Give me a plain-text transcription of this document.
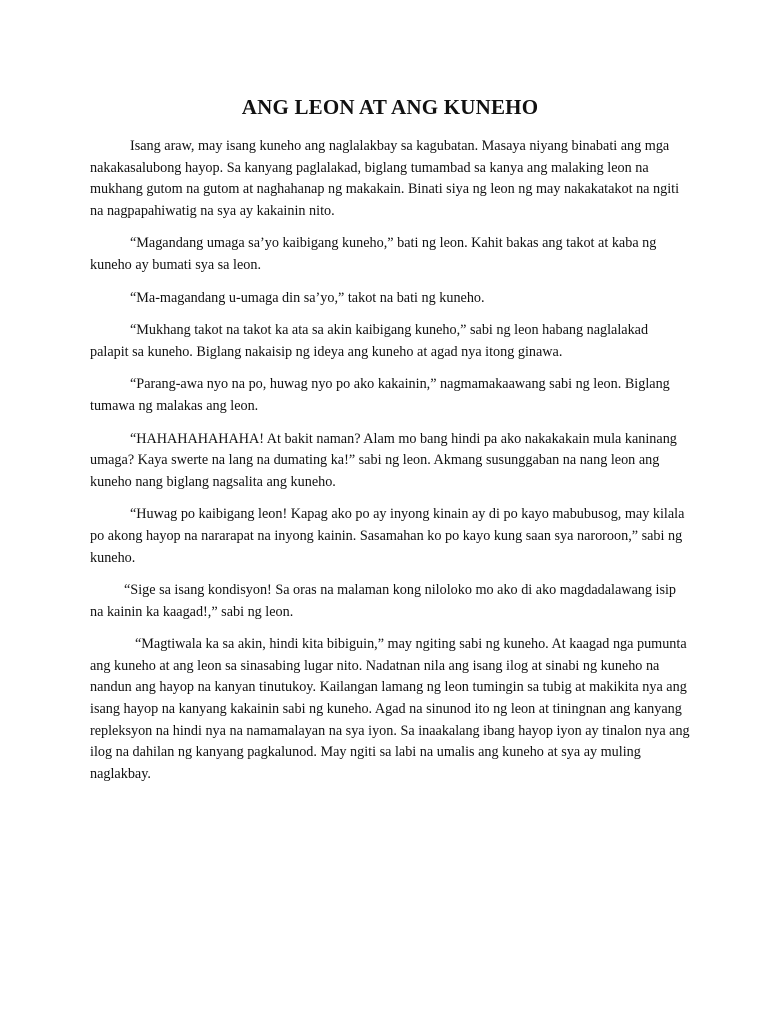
ANG LEON AT ANG KUNEHO

Isang araw, may isang kuneho ang naglalakbay sa kagubatan. Masaya niyang binabati ang mga nakakasalubong hayop. Sa kanyang paglalakad, biglang tumambad sa kanya ang malaking leon na mukhang gutom na gutom at naghahanap ng makakain. Binati siya ng leon ng may nakakatakot na ngiti na nagpapahiwatig na sya ay kakainin nito.

“Magandang umaga sa’yo kaibigang kuneho,” bati ng leon. Kahit bakas ang takot at kaba ng kuneho ay bumati sya sa leon.

“Ma-magandang u-umaga din sa’yo,” takot na bati ng kuneho.

“Mukhang takot na takot ka ata sa akin kaibigang kuneho,” sabi ng leon habang naglalakad palapit sa kuneho. Biglang nakaisip ng ideya ang kuneho at agad nya itong ginawa.

“Parang-awa nyo na po, huwag nyo po ako kakainin,” nagmamakaawang sabi ng leon. Biglang tumawa ng malakas ang leon.

“HAHAHAHAHAHA! At bakit naman? Alam mo bang hindi pa ako nakakakain mula kaninang umaga? Kaya swerte na lang na dumating ka!” sabi ng leon. Akmang susunggaban na nang leon ang kuneho nang biglang nagsalita ang kuneho.

“Huwag po kaibigang leon! Kapag ako po ay inyong kinain ay di po kayo mabubusog, may kilala po akong hayop na nararapat na inyong kainin. Sasamahan ko po kayo kung saan sya naroroon,” sabi ng kuneho.

“Sige sa isang kondisyon! Sa oras na malaman kong niloloko mo ako di ako magdadalawang isip na kainin ka kaagad!,” sabi ng leon.

“Magtiwala ka sa akin, hindi kita bibiguin,” may ngiting sabi ng kuneho. At kaagad nga pumunta ang kuneho at ang leon sa sinasabing lugar nito. Nadatnan nila ang isang ilog at sinabi ng kuneho na nandun ang hayop na kanyan tinutukoy. Kailangan lamang ng leon tumingin sa tubig at makikita nya ang isang hayop na kanyang kakainin sabi ng kuneho. Agad na sinunod ito ng leon at tiningnan ang kanyang repleksyon na hindi nya na namamalayan na sya iyon. Sa inaakalang ibang hayop iyon ay tinalon nya ang ilog na dahilan ng kanyang pagkalunod. May ngiti sa labi na umalis ang kuneho at sya ay muling naglakbay.
